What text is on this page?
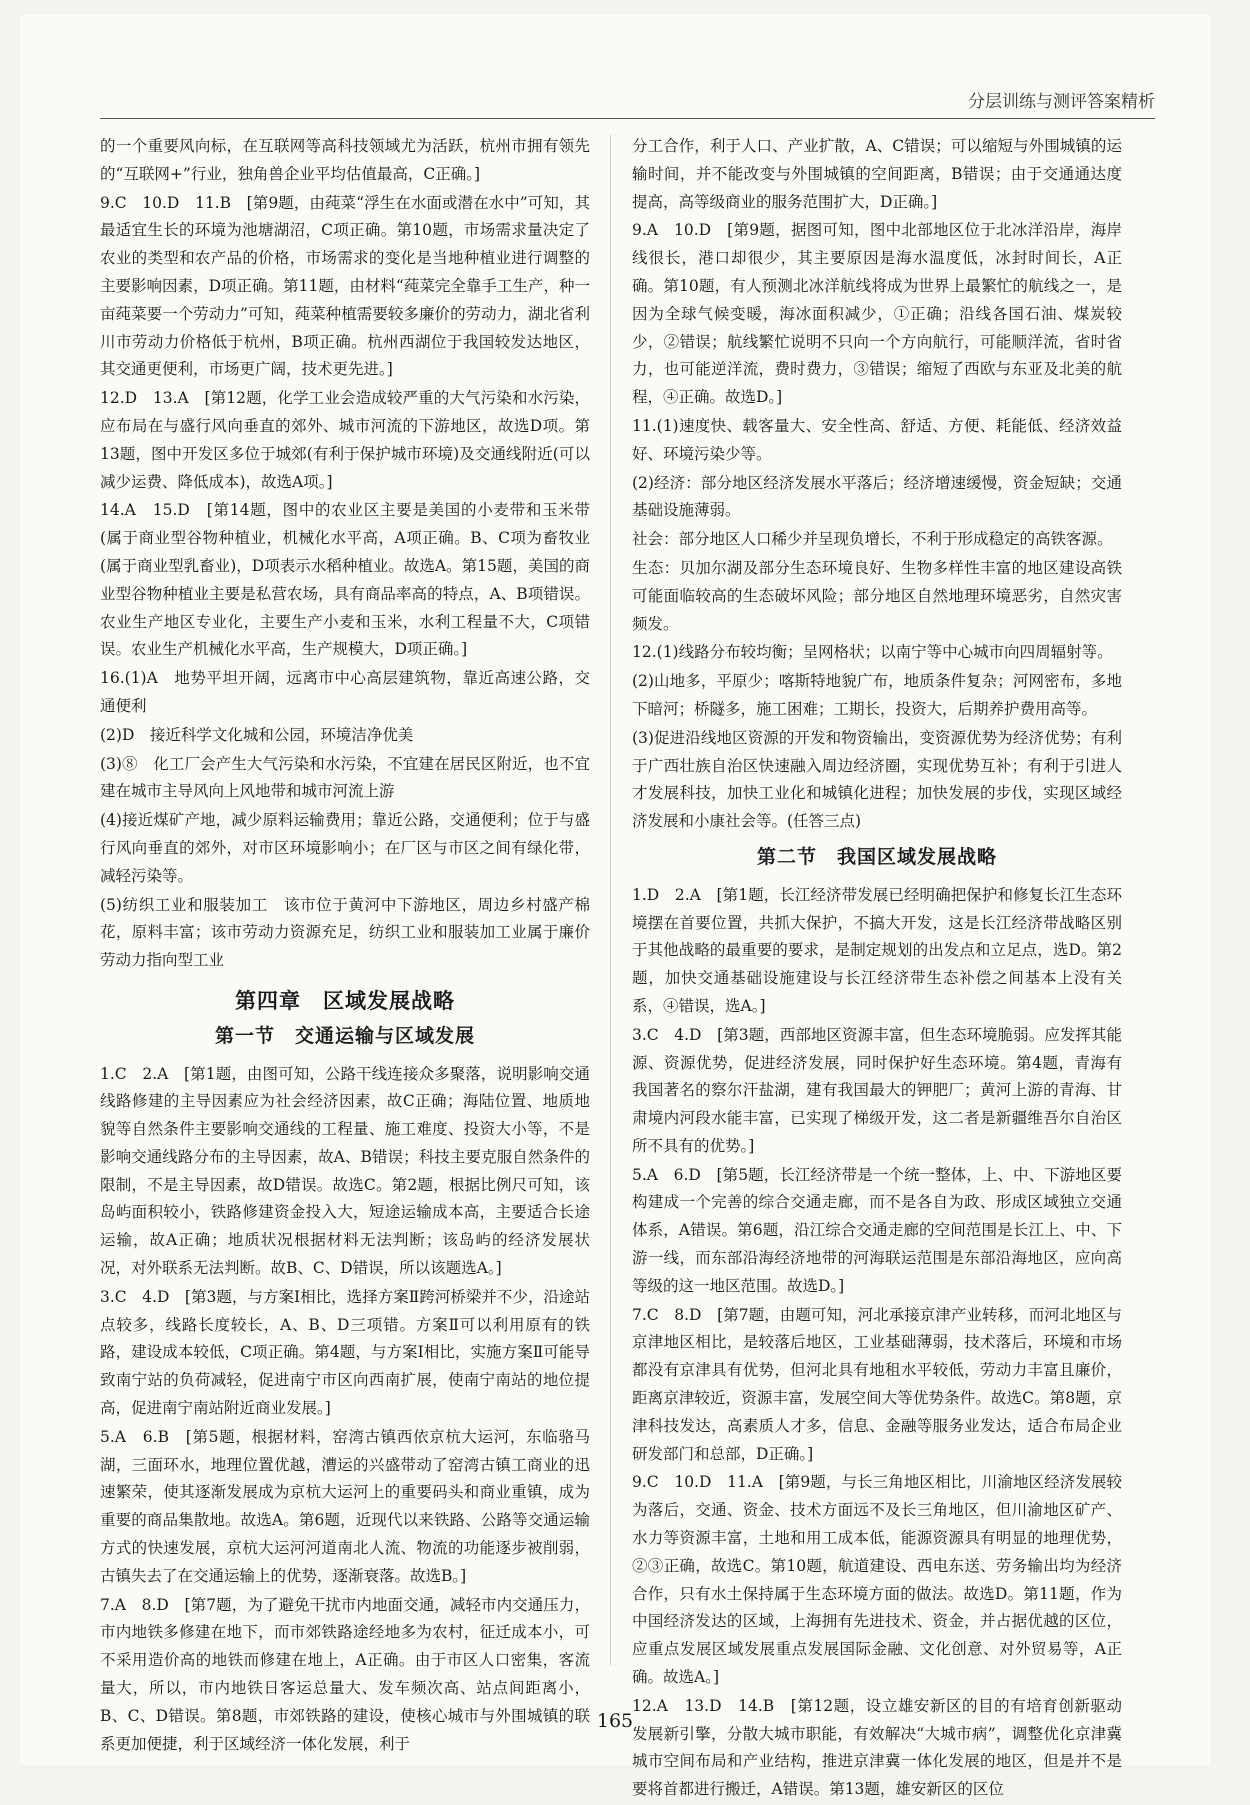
分层训练与测评答案精析
的一个重要风向标，在互联网等高科技领域尤为活跃，杭州市拥有领先的“互联网+”行业，独角兽企业平均估值最高，C正确。]
9.C　10.D　11.B　[第9题，由莼菜“浮生在水面或潜在水中”可知，其最适宜生长的环境为池塘湖沼，C项正确。第10题，市场需求量决定了农业的类型和农产品的价格，市场需求的变化是当地种植业进行调整的主要影响因素，D项正确。第11题，由材料“莼菜完全靠手工生产，种一亩莼菜要一个劳动力”可知，莼菜种植需要较多廉价的劳动力，湖北省利川市劳动力价格低于杭州，B项正确。杭州西湖位于我国较发达地区，其交通更便利，市场更广阔，技术更先进。]
12.D　13.A　[第12题，化学工业会造成较严重的大气污染和水污染，应布局在与盛行风向垂直的郊外、城市河流的下游地区，故选D项。第13题，图中开发区多位于城郊(有利于保护城市环境)及交通线附近(可以减少运费、降低成本)，故选A项。]
14.A　15.D　[第14题，图中的农业区主要是美国的小麦带和玉米带(属于商业型谷物种植业，机械化水平高，A项正确。B、C项为畜牧业(属于商业型乳畜业)，D项表示水稻种植业。故选A。第15题，美国的商业型谷物种植业主要是私营农场，具有商品率高的特点，A、B项错误。农业生产地区专业化，主要生产小麦和玉米，水利工程量不大，C项错误。农业生产机械化水平高，生产规模大，D项正确。]
16.(1)A　地势平坦开阔，远离市中心高层建筑物，靠近高速公路，交通便利
(2)D　接近科学文化城和公园，环境洁净优美
(3)⑧　化工厂会产生大气污染和水污染，不宜建在居民区附近，也不宜建在城市主导风向上风地带和城市河流上游
(4)接近煤矿产地，减少原料运输费用；靠近公路，交通便利；位于与盛行风向垂直的郊外，对市区环境影响小；在厂区与市区之间有绿化带，减轻污染等。
(5)纺织工业和服装加工　该市位于黄河中下游地区，周边乡村盛产棉花，原料丰富；该市劳动力资源充足，纺织工业和服装加工业属于廉价劳动力指向型工业
第四章　区域发展战略
第一节　交通运输与区域发展
1.C　2.A　[第1题，由图可知，公路干线连接众多聚落，说明影响交通线路修建的主导因素应为社会经济因素，故C正确；海陆位置、地质地貌等自然条件主要影响交通线的工程量、施工难度、投资大小等，不是影响交通线路分布的主导因素，故A、B错误；科技主要克服自然条件的限制，不是主导因素，故D错误。故选C。第2题，根据比例尺可知，该岛屿面积较小，铁路修建资金投入大，短途运输成本高，主要适合长途运输，故A正确；地质状况根据材料无法判断；该岛屿的经济发展状况，对外联系无法判断。故B、C、D错误，所以该题选A。]
3.C　4.D　[第3题，与方案Ⅰ相比，选择方案Ⅱ跨河桥梁并不少，沿途站点较多，线路长度较长，A、B、D三项错。方案Ⅱ可以利用原有的铁路，建设成本较低，C项正确。第4题，与方案Ⅰ相比，实施方案Ⅱ可能导致南宁站的负荷减轻，促进南宁市区向西南扩展，使南宁南站的地位提高，促进南宁南站附近商业发展。]
5.A　6.B　[第5题，根据材料，窑湾古镇西依京杭大运河，东临骆马湖，三面环水，地理位置优越，漕运的兴盛带动了窑湾古镇工商业的迅速繁荣，使其逐渐发展成为京杭大运河上的重要码头和商业重镇，成为重要的商品集散地。故选A。第6题，近现代以来铁路、公路等交通运输方式的快速发展，京杭大运河河道南北人流、物流的功能逐步被削弱，古镇失去了在交通运输上的优势，逐渐衰落。故选B。]
7.A　8.D　[第7题，为了避免干扰市内地面交通，减轻市内交通压力，市内地铁多修建在地下，而市郊铁路途经地多为农村，征迁成本小，可不采用造价高的地铁而修建在地上，A正确。由于市区人口密集，客流量大，所以，市内地铁日客运总量大、发车频次高、站点间距离小，B、C、D错误。第8题，市郊铁路的建设，使核心城市与外围城镇的联系更加便捷，利于区域经济一体化发展，利于
分工合作，利于人口、产业扩散，A、C错误；可以缩短与外围城镇的运输时间，并不能改变与外围城镇的空间距离，B错误；由于交通通达度提高，高等级商业的服务范围扩大，D正确。]
9.A　10.D　[第9题，据图可知，图中北部地区位于北冰洋沿岸，海岸线很长，港口却很少，其主要原因是海水温度低，冰封时间长，A正确。第10题，有人预测北冰洋航线将成为世界上最繁忙的航线之一，是因为全球气候变暖，海冰面积减少，①正确；沿线各国石油、煤炭较少，②错误；航线繁忙说明不只向一个方向航行，可能顺洋流，省时省力，也可能逆洋流，费时费力，③错误；缩短了西欧与东亚及北美的航程，④正确。故选D。]
11.(1)速度快、载客量大、安全性高、舒适、方便、耗能低、经济效益好、环境污染少等。
(2)经济：部分地区经济发展水平落后；经济增速缓慢，资金短缺；交通基础设施薄弱。
社会：部分地区人口稀少并呈现负增长，不利于形成稳定的高铁客源。
生态：贝加尔湖及部分生态环境良好、生物多样性丰富的地区建设高铁可能面临较高的生态破坏风险；部分地区自然地理环境恶劣，自然灾害频发。
12.(1)线路分布较均衡；呈网格状；以南宁等中心城市向四周辐射等。
(2)山地多，平原少；喀斯特地貌广布，地质条件复杂；河网密布，多地下暗河；桥隧多，施工困难；工期长，投资大，后期养护费用高等。
(3)促进沿线地区资源的开发和物资输出，变资源优势为经济优势；有利于广西壮族自治区快速融入周边经济圈，实现优势互补；有利于引进人才发展科技，加快工业化和城镇化进程；加快发展的步伐，实现区域经济发展和小康社会等。(任答三点)
第二节　我国区域发展战略
1.D　2.A　[第1题，长江经济带发展已经明确把保护和修复长江生态环境摆在首要位置，共抓大保护，不搞大开发，这是长江经济带战略区别于其他战略的最重要的要求，是制定规划的出发点和立足点，选D。第2题，加快交通基础设施建设与长江经济带生态补偿之间基本上没有关系，④错误，选A。]
3.C　4.D　[第3题，西部地区资源丰富，但生态环境脆弱。应发挥其能源、资源优势，促进经济发展，同时保护好生态环境。第4题，青海有我国著名的察尔汗盐湖，建有我国最大的钾肥厂；黄河上游的青海、甘肃境内河段水能丰富，已实现了梯级开发，这二者是新疆维吾尔自治区所不具有的优势。]
5.A　6.D　[第5题，长江经济带是一个统一整体，上、中、下游地区要构建成一个完善的综合交通走廊，而不是各自为政、形成区域独立交通体系，A错误。第6题，沿江综合交通走廊的空间范围是长江上、中、下游一线，而东部沿海经济地带的河海联运范围是东部沿海地区，应向高等级的这一地区范围。故选D。]
7.C　8.D　[第7题，由题可知，河北承接京津产业转移，而河北地区与京津地区相比，是较落后地区，工业基础薄弱，技术落后，环境和市场都没有京津具有优势，但河北具有地租水平较低，劳动力丰富且廉价，距离京津较近，资源丰富，发展空间大等优势条件。故选C。第8题，京津科技发达，高素质人才多，信息、金融等服务业发达，适合布局企业研发部门和总部，D正确。]
9.C　10.D　11.A　[第9题，与长三角地区相比，川渝地区经济发展较为落后，交通、资金、技术方面远不及长三角地区，但川渝地区矿产、水力等资源丰富，土地和用工成本低，能源资源具有明显的地理优势，②③正确，故选C。第10题，航道建设、西电东送、劳务输出均为经济合作，只有水土保持属于生态环境方面的做法。故选D。第11题，作为中国经济发达的区域，上海拥有先进技术、资金，并占据优越的区位，应重点发展区域发展重点发展国际金融、文化创意、对外贸易等，A正确。故选A。]
12.A　13.D　14.B　[第12题，设立雄安新区的目的有培育创新驱动发展新引擎，分散大城市职能，有效解决“大城市病”，调整优化京津冀城市空间布局和产业结构，推进京津冀一体化发展的地区，但是并不是要将首都进行搬迁，A错误。第13题，雄安新区的区位
165
